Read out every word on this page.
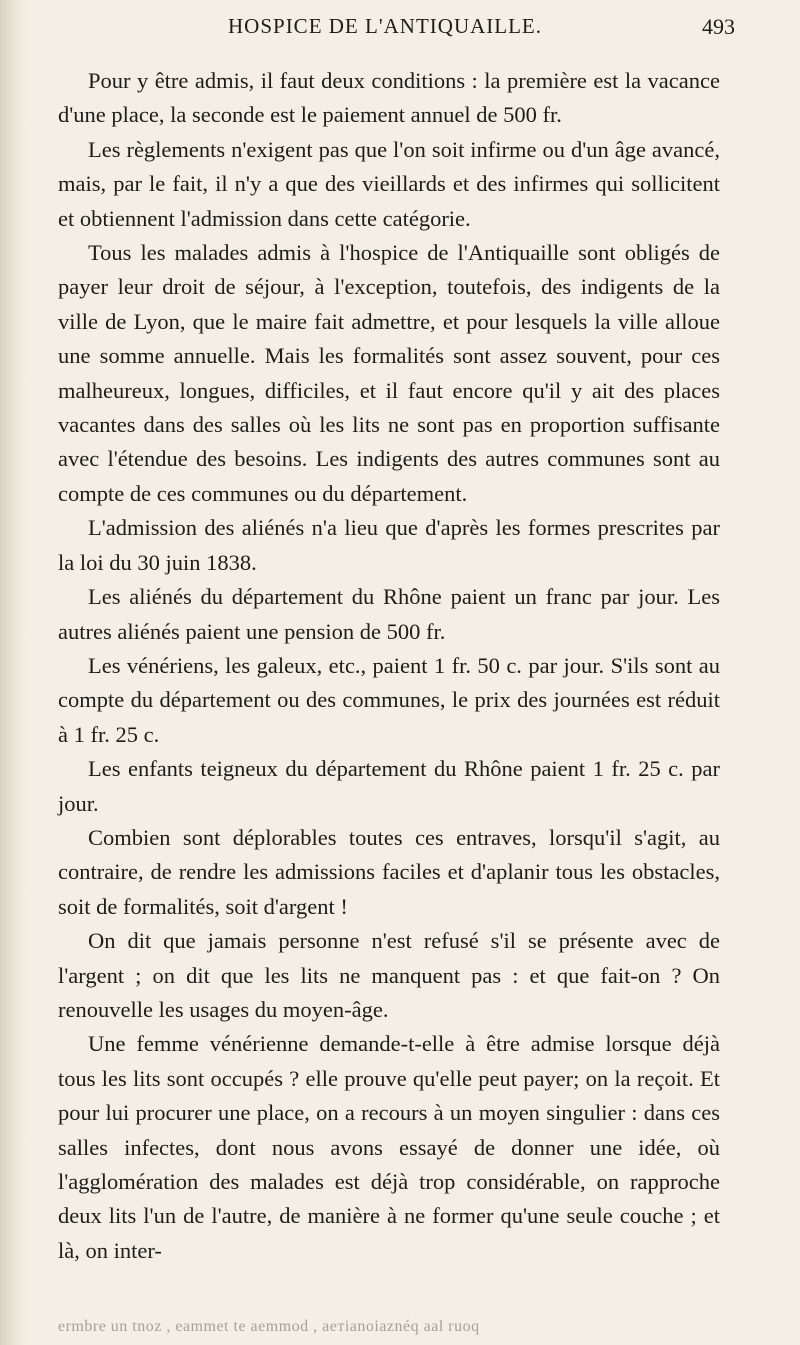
HOSPICE DE L'ANTIQUAILLE.	493

Pour y être admis, il faut deux conditions : la première est la vacance d'une place, la seconde est le paiement annuel de 500 fr.

Les règlements n'exigent pas que l'on soit infirme ou d'un âge avancé, mais, par le fait, il n'y a que des vieillards et des infirmes qui sollicitent et obtiennent l'admission dans cette catégorie.

Tous les malades admis à l'hospice de l'Antiquaille sont obligés de payer leur droit de séjour, à l'exception, toutefois, des indigents de la ville de Lyon, que le maire fait admettre, et pour lesquels la ville alloue une somme annuelle. Mais les formalités sont assez souvent, pour ces malheureux, longues, difficiles, et il faut encore qu'il y ait des places vacantes dans des salles où les lits ne sont pas en proportion suffisante avec l'étendue des besoins. Les indigents des autres communes sont au compte de ces communes ou du département.

L'admission des aliénés n'a lieu que d'après les formes prescrites par la loi du 30 juin 1838.

Les aliénés du département du Rhône paient un franc par jour. Les autres aliénés paient une pension de 500 fr.

Les vénériens, les galeux, etc., paient 1 fr. 50 c. par jour. S'ils sont au compte du département ou des communes, le prix des journées est réduit à 1 fr. 25 c.

Les enfants teigneux du département du Rhône paient 1 fr. 25 c. par jour.

Combien sont déplorables toutes ces entraves, lorsqu'il s'agit, au contraire, de rendre les admissions faciles et d'aplanir tous les obstacles, soit de formalités, soit d'argent !

On dit que jamais personne n'est refusé s'il se présente avec de l'argent ; on dit que les lits ne manquent pas : et que fait-on ? On renouvelle les usages du moyen-âge.

Une femme vénérienne demande-t-elle à être admise lorsque déjà tous les lits sont occupés ? elle prouve qu'elle peut payer; on la reçoit. Et pour lui procurer une place, on a recours à un moyen singulier : dans ces salles infectes, dont nous avons essayé de donner une idée, où l'agglomération des malades est déjà trop considérable, on rapproche deux lits l'un de l'autre, de manière à ne former qu'une seule couche ; et là, on inter-

ermbre un tnoz , eammet te aemmod , aeтianoiaznéq aal ruoq
